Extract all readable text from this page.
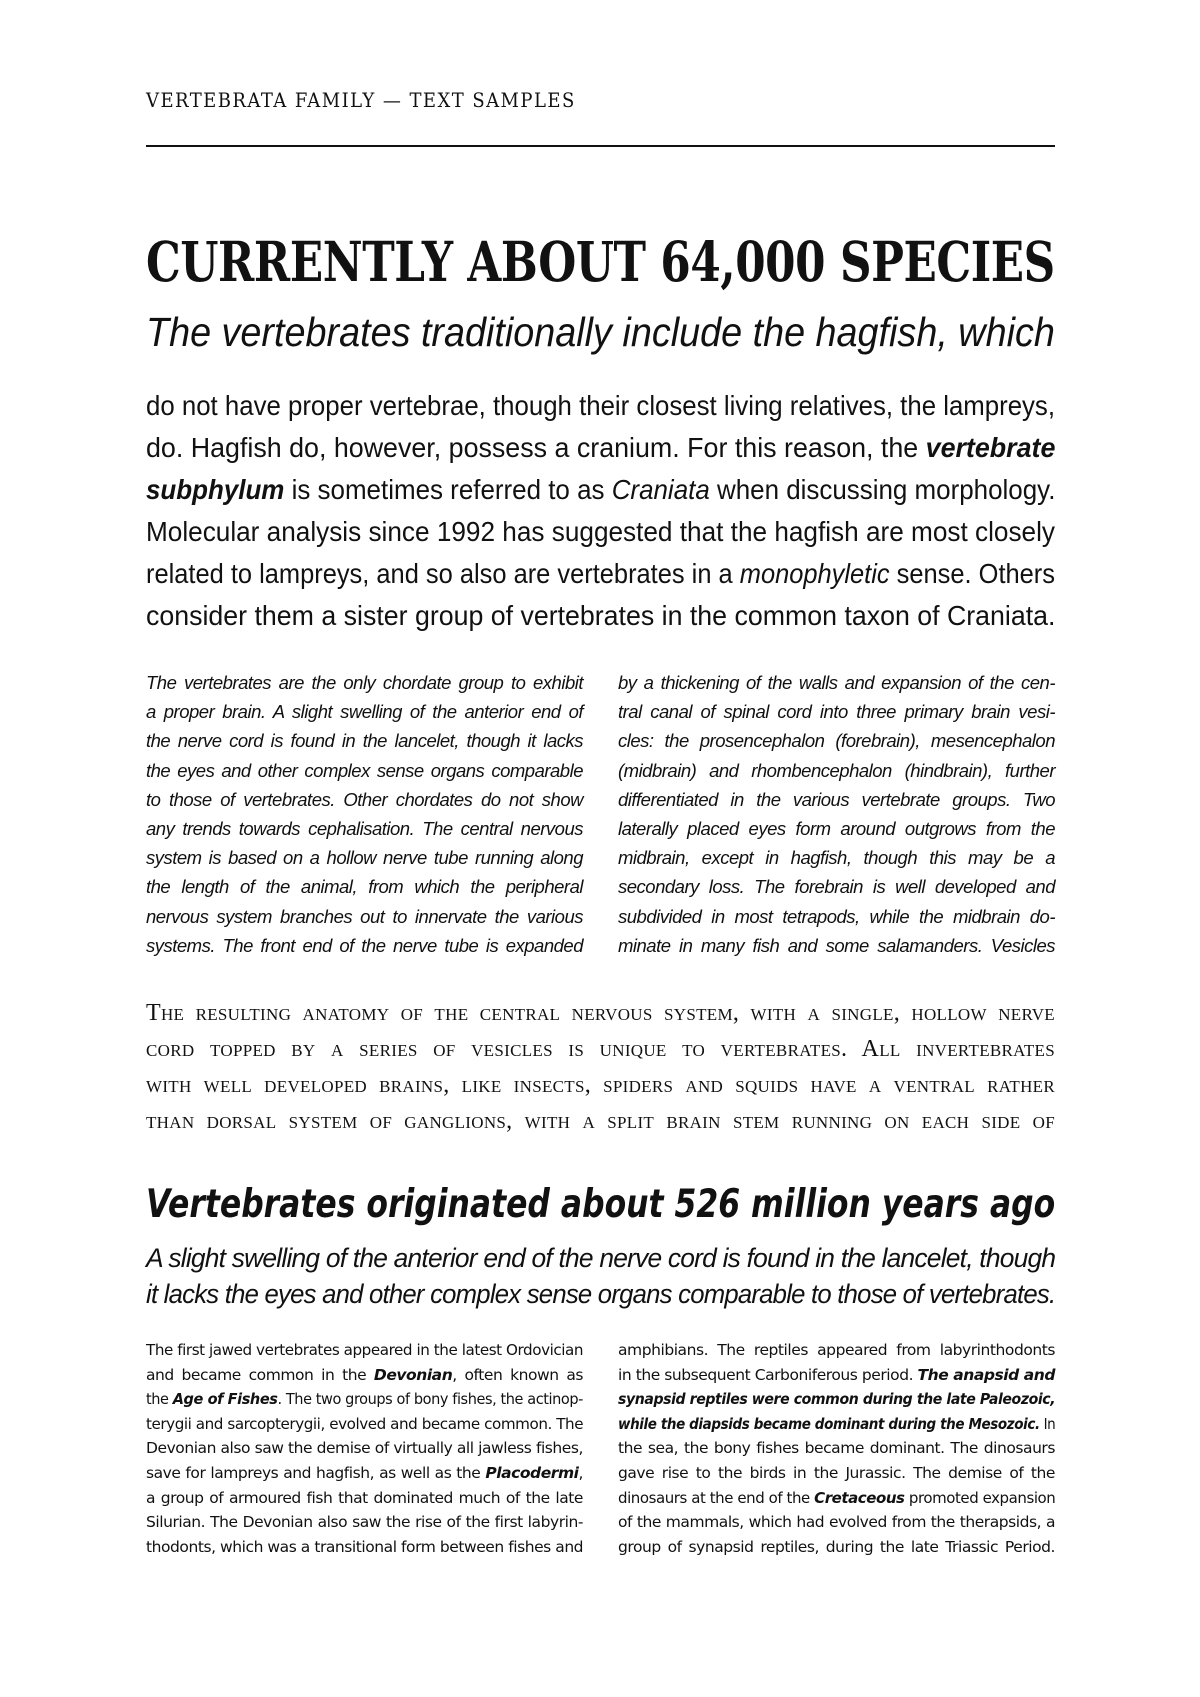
VERTEBRATA FAMILY — TEXT SAMPLES
CURRENTLY ABOUT 64,000 SPECIES
The vertebrates traditionally include the hagfish, which
do not have proper vertebrae, though their closest living relatives, the lampreys,
do. Hagfish do, however, possess a cranium. For this reason, the vertebrate
subphylum is sometimes referred to as Craniata when discussing morphology.
Molecular analysis since 1992 has suggested that the hagfish are most closely
related to lampreys, and so also are vertebrates in a monophyletic sense. Others
consider them a sister group of vertebrates in the common taxon of Craniata.
The vertebrates are the only chordate group to exhibit
a proper brain. A slight swelling of the anterior end of
the nerve cord is found in the lancelet, though it lacks
the eyes and other complex sense organs comparable
to those of vertebrates. Other chordates do not show
any trends towards cephalisation. The central nervous
system is based on a hollow nerve tube running along
the length of the animal, from which the peripheral
nervous system branches out to innervate the various
systems. The front end of the nerve tube is expanded
by a thickening of the walls and expansion of the cen-
tral canal of spinal cord into three primary brain vesi-
cles: the prosencephalon (forebrain), mesencephalon
(midbrain) and rhombencephalon (hindbrain), further
differentiated in the various vertebrate groups. Two
laterally placed eyes form around outgrows from the
midbrain, except in hagfish, though this may be a
secondary loss. The forebrain is well developed and
subdivided in most tetrapods, while the midbrain do-
minate in many fish and some salamanders. Vesicles
The resulting anatomy of the central nervous system, with a single, hollow nerve
cord topped by a series of vesicles is unique to vertebrates. All invertebrates
with well developed brains, like insects, spiders and squids have a ventral rather
than dorsal system of ganglions, with a split brain stem running on each side of
Vertebrates originated about 526 million years ago
A slight swelling of the anterior end of the nerve cord is found in the lancelet, though
it lacks the eyes and other complex sense organs comparable to those of vertebrates.
The first jawed vertebrates appeared in the latest Ordovician
and became common in the Devonian, often known as
the Age of Fishes. The two groups of bony fishes, the actinop-
terygii and sarcopterygii, evolved and became common. The
Devonian also saw the demise of virtually all jawless fishes,
save for lampreys and hagfish, as well as the Placodermi,
a group of armoured fish that dominated much of the late
Silurian. The Devonian also saw the rise of the first labyrin-
thodonts, which was a transitional form between fishes and
amphibians. The reptiles appeared from labyrinthodonts
in the subsequent Carboniferous period. The anapsid and
synapsid reptiles were common during the late Paleozoic,
while the diapsids became dominant during the Mesozoic. In
the sea, the bony fishes became dominant. The dinosaurs
gave rise to the birds in the Jurassic. The demise of the
dinosaurs at the end of the Cretaceous promoted expansion
of the mammals, which had evolved from the therapsids, a
group of synapsid reptiles, during the late Triassic Period.
